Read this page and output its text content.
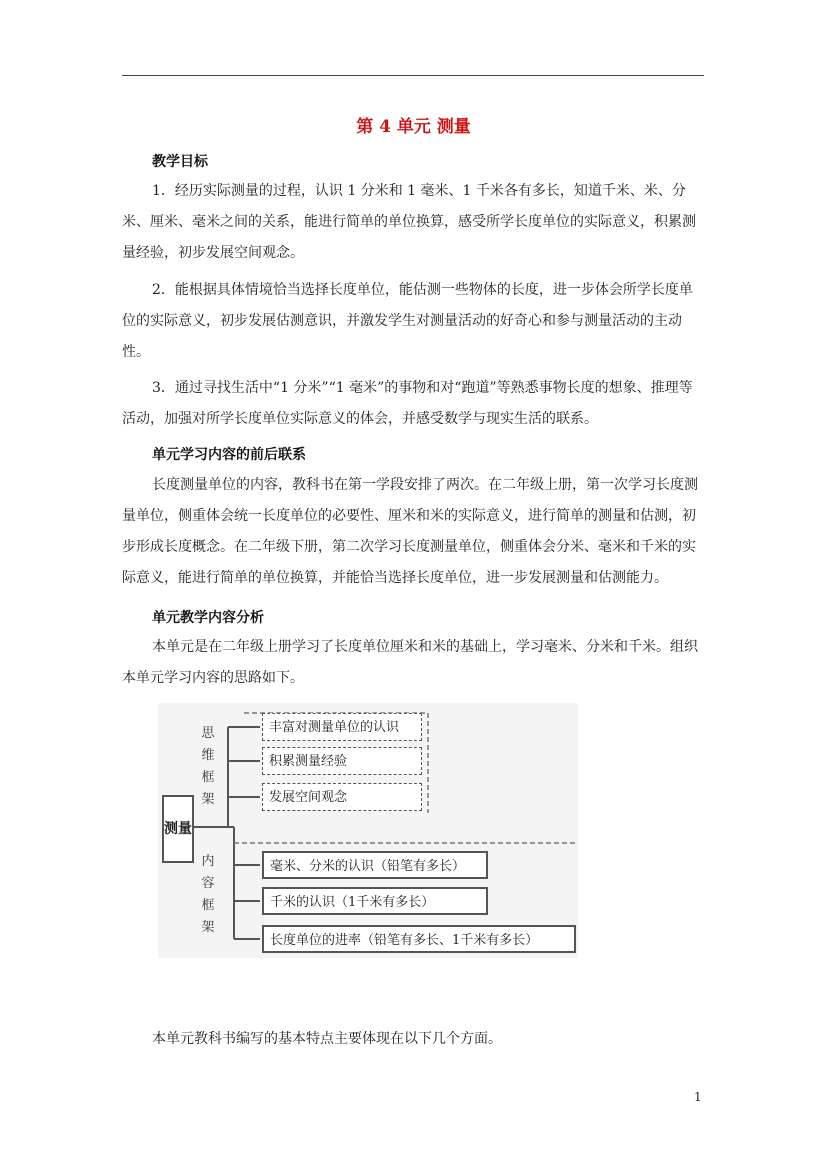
第 4 单元 测量
教学目标
1．经历实际测量的过程，认识 1 分米和 1 毫米、1 千米各有多长，知道千米、米、分米、厘米、毫米之间的关系，能进行简单的单位换算，感受所学长度单位的实际意义，积累测量经验，初步发展空间观念。
2．能根据具体情境恰当选择长度单位，能估测一些物体的长度，进一步体会所学长度单位的实际意义，初步发展估测意识，并激发学生对测量活动的好奇心和参与测量活动的主动性。
3．通过寻找生活中“1 分米”“1 毫米”的事物和对“跑道”等熟悉事物长度的想象、推理等活动，加强对所学长度单位实际意义的体会，并感受数学与现实生活的联系。
单元学习内容的前后联系
长度测量单位的内容，教科书在第一学段安排了两次。在二年级上册，第一次学习长度测量单位，侧重体会统一长度单位的必要性、厘米和米的实际意义，进行简单的测量和估测，初步形成长度概念。在二年级下册，第二次学习长度测量单位，侧重体会分米、毫米和千米的实际意义，能进行简单的单位换算，并能恰当选择长度单位，进一步发展测量和估测能力。
单元教学内容分析
本单元是在二年级上册学习了长度单位厘米和米的基础上，学习毫米、分米和千米。组织本单元学习内容的思路如下。
思维框架
内容框架
测量
丰富对测量单位的认识
积累测量经验
发展空间观念
毫米、分米的认识（铅笔有多长）
千米的认识（1千米有多长）
长度单位的进率（铅笔有多长、1千米有多长）
本单元教科书编写的基本特点主要体现在以下几个方面。
1
